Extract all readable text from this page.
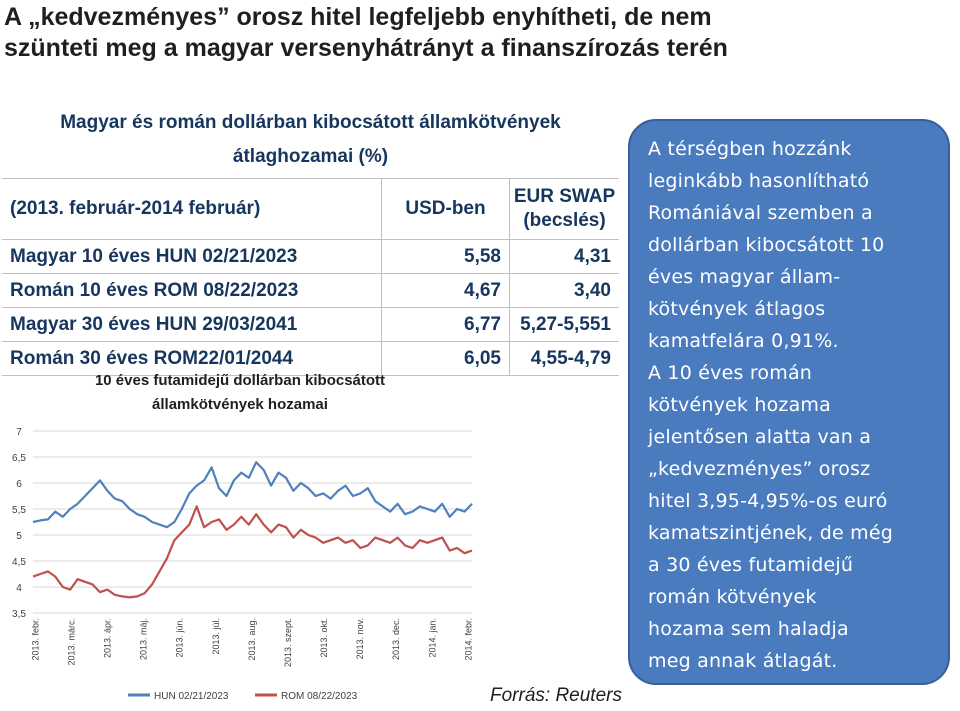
A „kedvezményes” orosz hitel legfeljebb enyhítheti, de nem
szünteti meg a magyar versenyhátrányt a finanszírozás terén
Magyar és román dollárban kibocsátott államkötvények
átlaghozamai (%)		

(2013. február-2014 február)	USD-ben	EUR SWAP
(becslés)

Magyar 10 éves HUN 02/21/2023	5,58	4,31
Román 10 éves ROM 08/22/2023	4,67	3,40
Magyar 30 éves HUN 29/03/2041	6,77	5,27-5,551
Román 30 éves ROM22/01/2044	6,05	4,55-4,79
10 éves futamidejű dollárban kibocsátott
államkötvények hozamai
7
6,5
6
5,5
5
4,5
4
3,5
2013. febr.	2013. márc.	2013. ápr.	2013. máj.	2013. jún.	2013. júl.	2013. aug.	2013. szept.	2013. okt.	2013. nov.	2013. dec.	2014. jan.	2014. febr.
HUN 02/21/2023	ROM 08/22/2023	Forrás: Reuters
A térségben hozzánk
leginkább hasonlítható
Romániával szemben a
dollárban kibocsátott 10
éves magyar állam-
kötvények átlagos
kamatfelára 0,91%.
A 10 éves román
kötvények hozama
jelentősen alatta van a
„kedvezményes” orosz
hitel 3,95-4,95%-os euró
kamatszintjének, de még
a 30 éves futamidejű
román kötvények
hozama sem haladja
meg annak átlagát.
